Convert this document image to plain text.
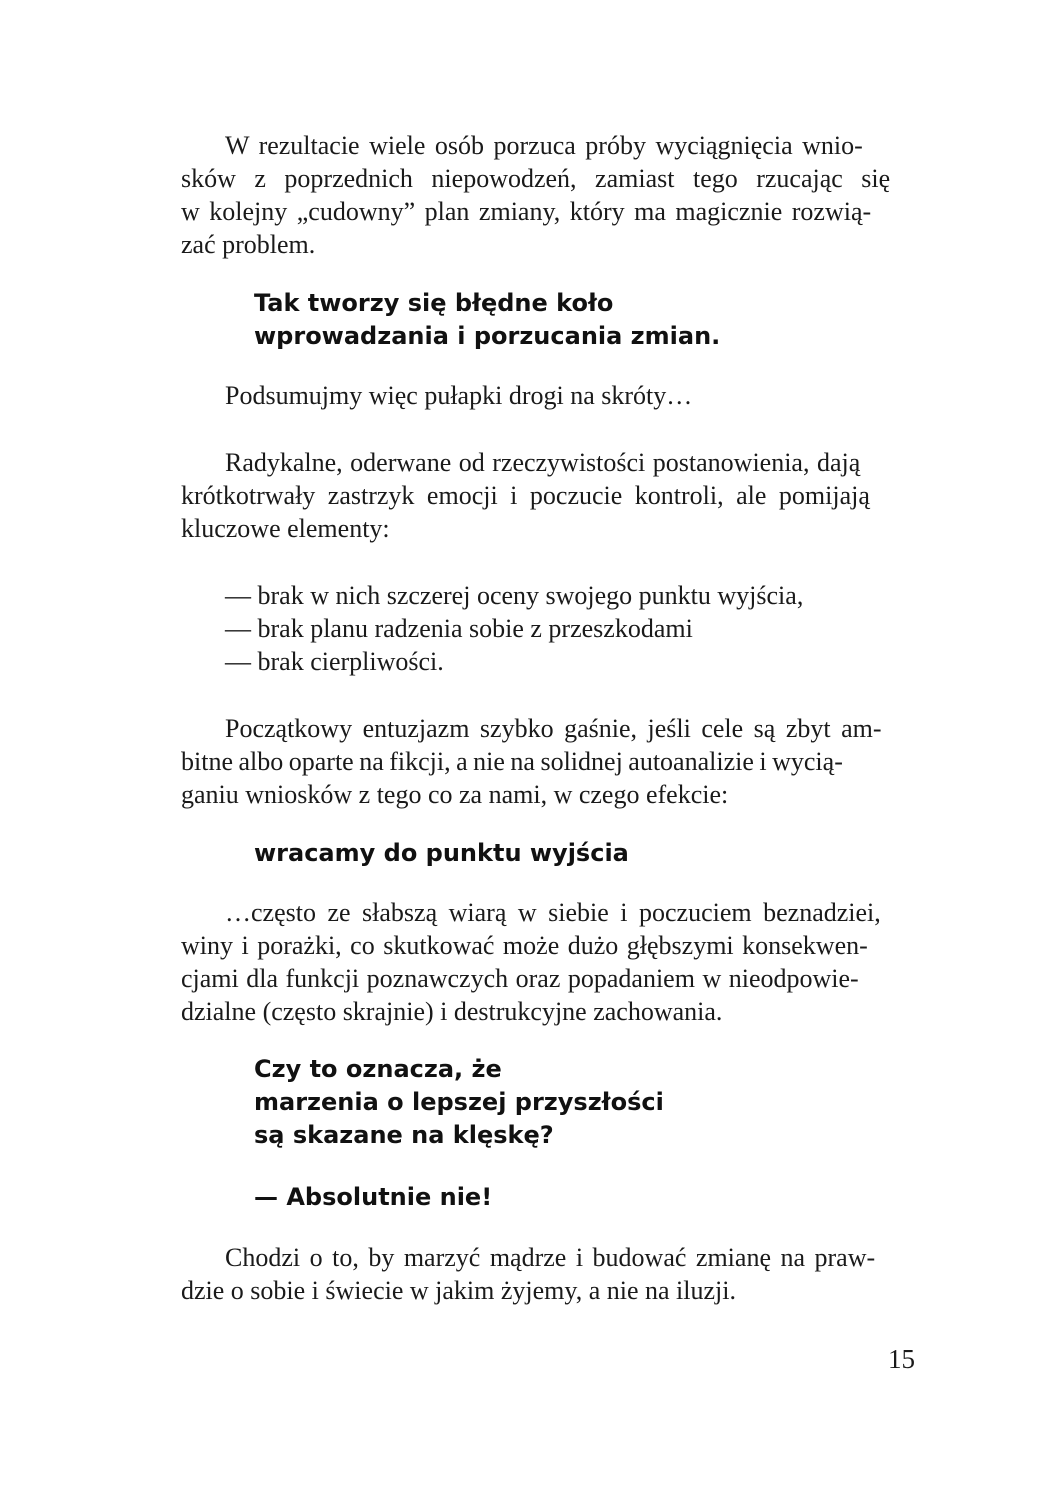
W rezultacie wiele osób porzuca próby wyciągnięcia wnio-
sków z poprzednich niepowodzeń, zamiast tego rzucając się
w kolejny „cudowny” plan zmiany, który ma magicznie rozwią-
zać problem.
Tak tworzy się błędne koło
wprowadzania i porzucania zmian.
Podsumujmy więc pułapki drogi na skróty…
Radykalne, oderwane od rzeczywistości postanowienia, dają
krótkotrwały zastrzyk emocji i poczucie kontroli, ale pomijają
kluczowe elementy:
— brak w nich szczerej oceny swojego punktu wyjścia,
— brak planu radzenia sobie z przeszkodami
— brak cierpliwości.
Początkowy entuzjazm szybko gaśnie, jeśli cele są zbyt am-
bitne albo oparte na fikcji, a nie na solidnej autoanalizie i wycią-
ganiu wniosków z tego co za nami, w czego efekcie:
wracamy do punktu wyjścia
…często ze słabszą wiarą w siebie i poczuciem beznadziei,
winy i porażki, co skutkować może dużo głębszymi konsekwen-
cjami dla funkcji poznawczych oraz popadaniem w nieodpowie-
dzialne (często skrajnie) i destrukcyjne zachowania.
Czy to oznacza, że
marzenia o lepszej przyszłości
są skazane na klęskę?
— Absolutnie nie!
Chodzi o to, by marzyć mądrze i budować zmianę na praw-
dzie o sobie i świecie w jakim żyjemy, a nie na iluzji.
15
